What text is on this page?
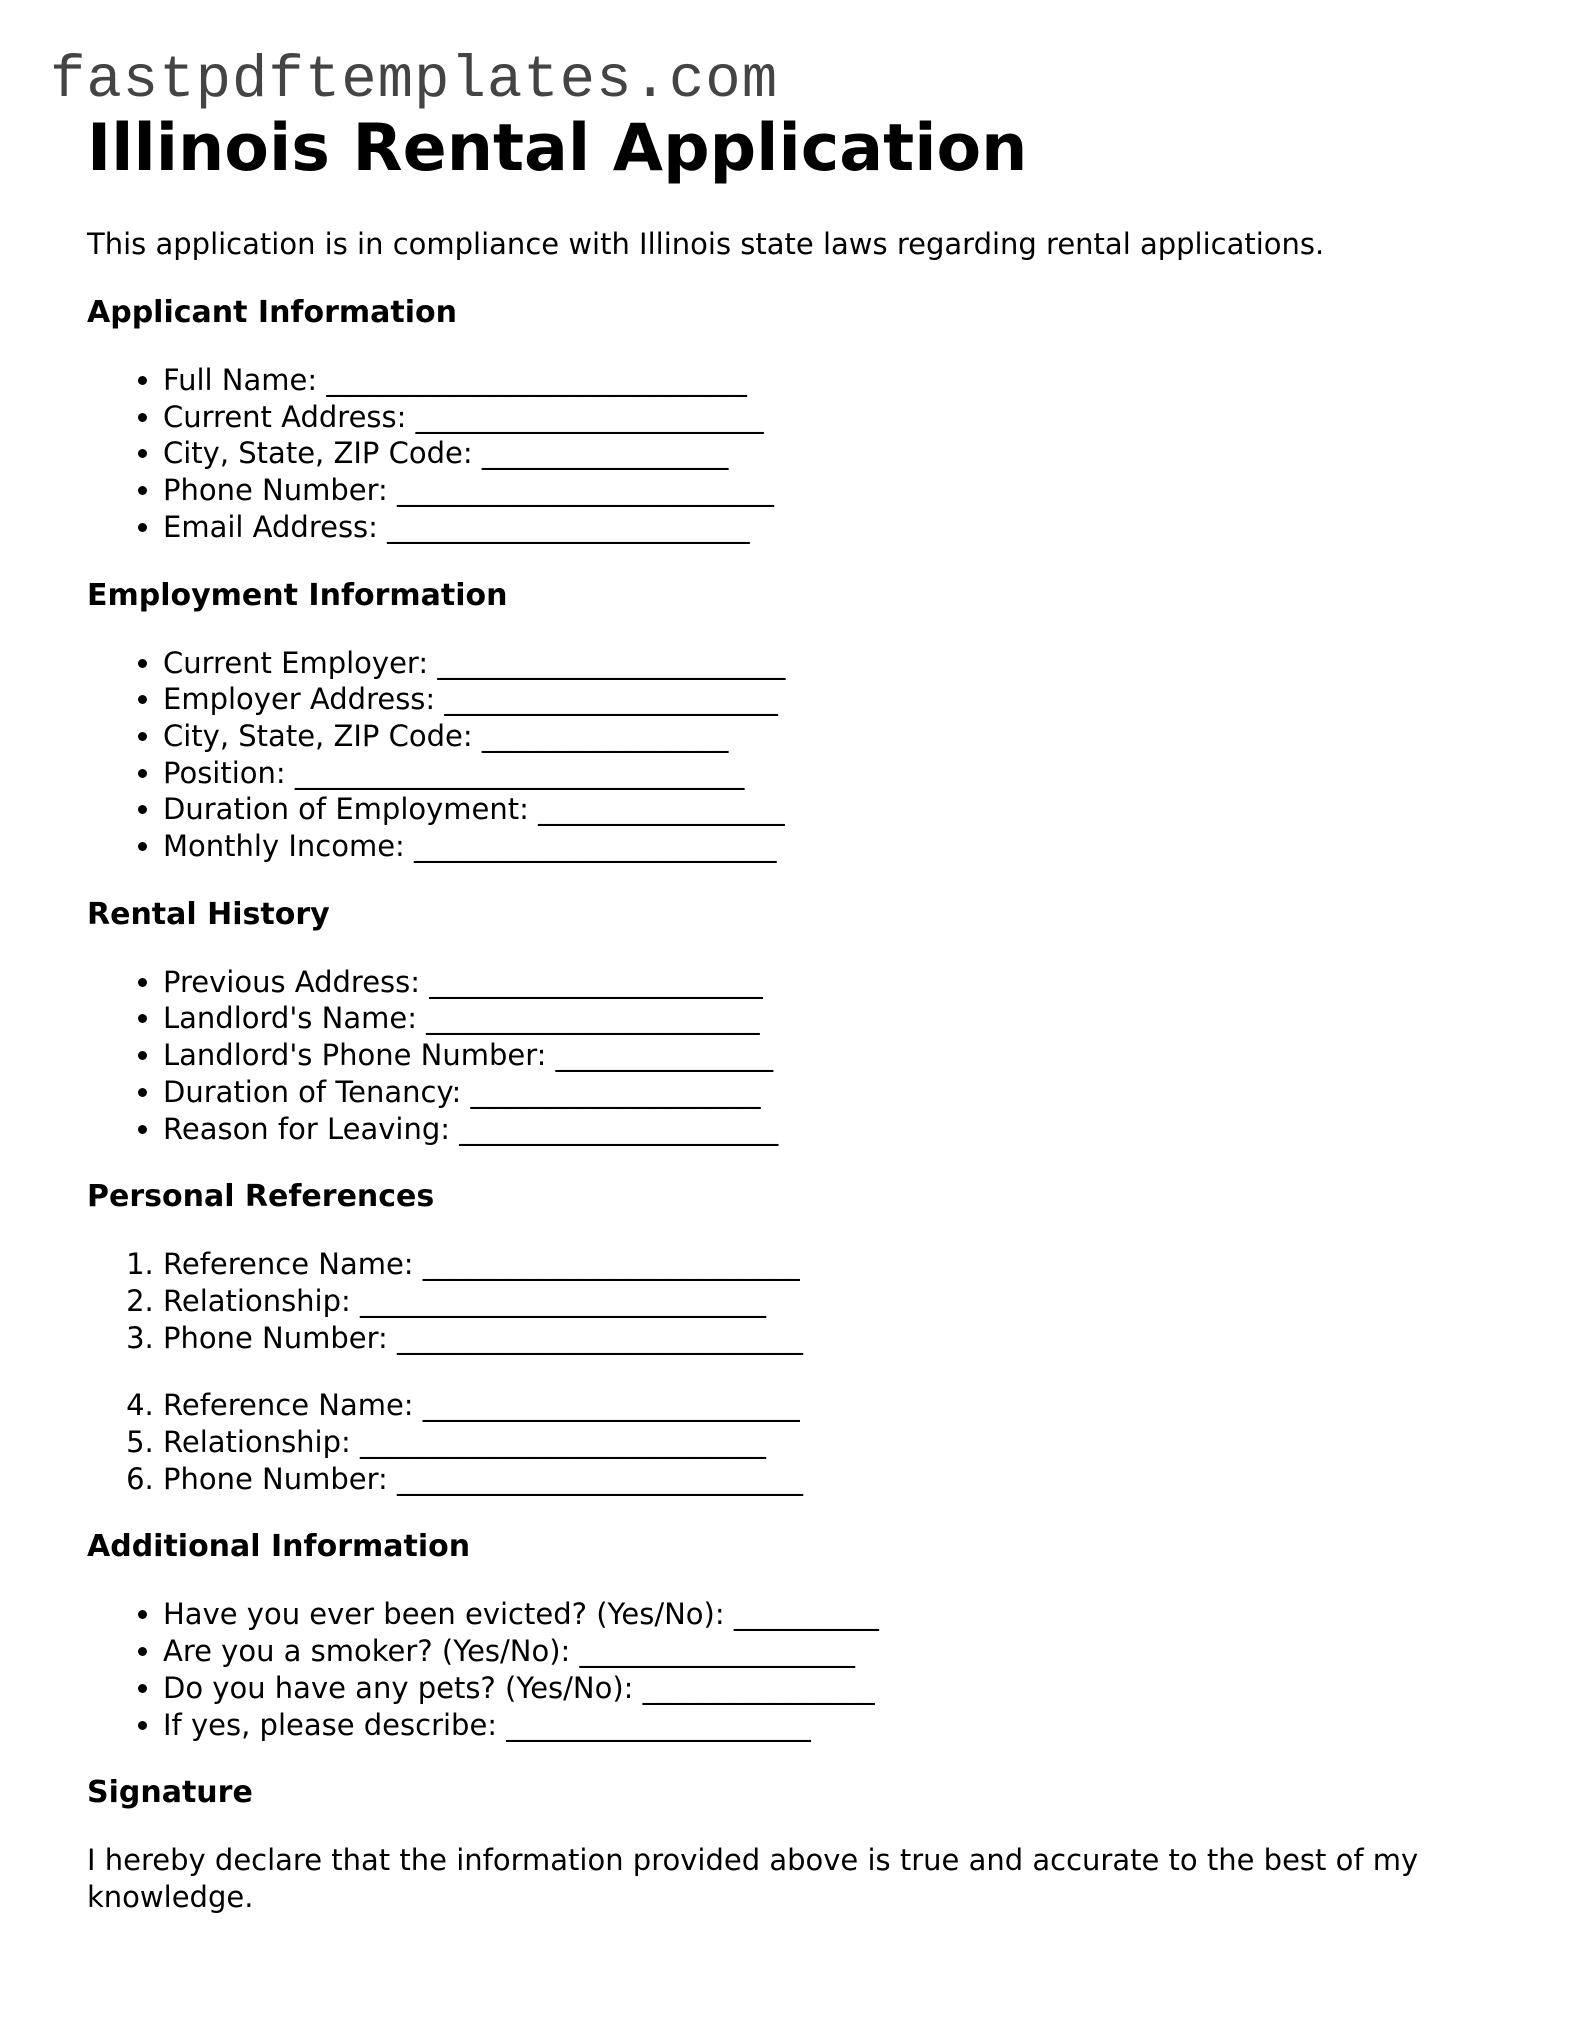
fastpdftemplates.com
Illinois Rental Application

This application is in compliance with Illinois state laws regarding rental applications.

Applicant Information
• Full Name: _____________________________
• Current Address: ________________________
• City, State, ZIP Code: _________________
• Phone Number: __________________________
• Email Address: _________________________
Employment Information
• Current Employer: ________________________
• Employer Address: _______________________
• City, State, ZIP Code: _________________
• Position: _______________________________
• Duration of Employment: _________________
• Monthly Income: _________________________
Rental History
• Previous Address: _______________________
• Landlord's Name: _______________________
• Landlord's Phone Number: _______________
• Duration of Tenancy: ____________________
• Reason for Leaving: ______________________
Personal References
1. Reference Name: __________________________
2. Relationship: ____________________________
3. Phone Number: ____________________________
4. Reference Name: __________________________
5. Relationship: ____________________________
6. Phone Number: ____________________________
Additional Information
• Have you ever been evicted? (Yes/No): __________
• Are you a smoker? (Yes/No): ___________________
• Do you have any pets? (Yes/No): ________________
• If yes, please describe: _____________________
Signature

I hereby declare that the information provided above is true and accurate to the best of my knowledge.
